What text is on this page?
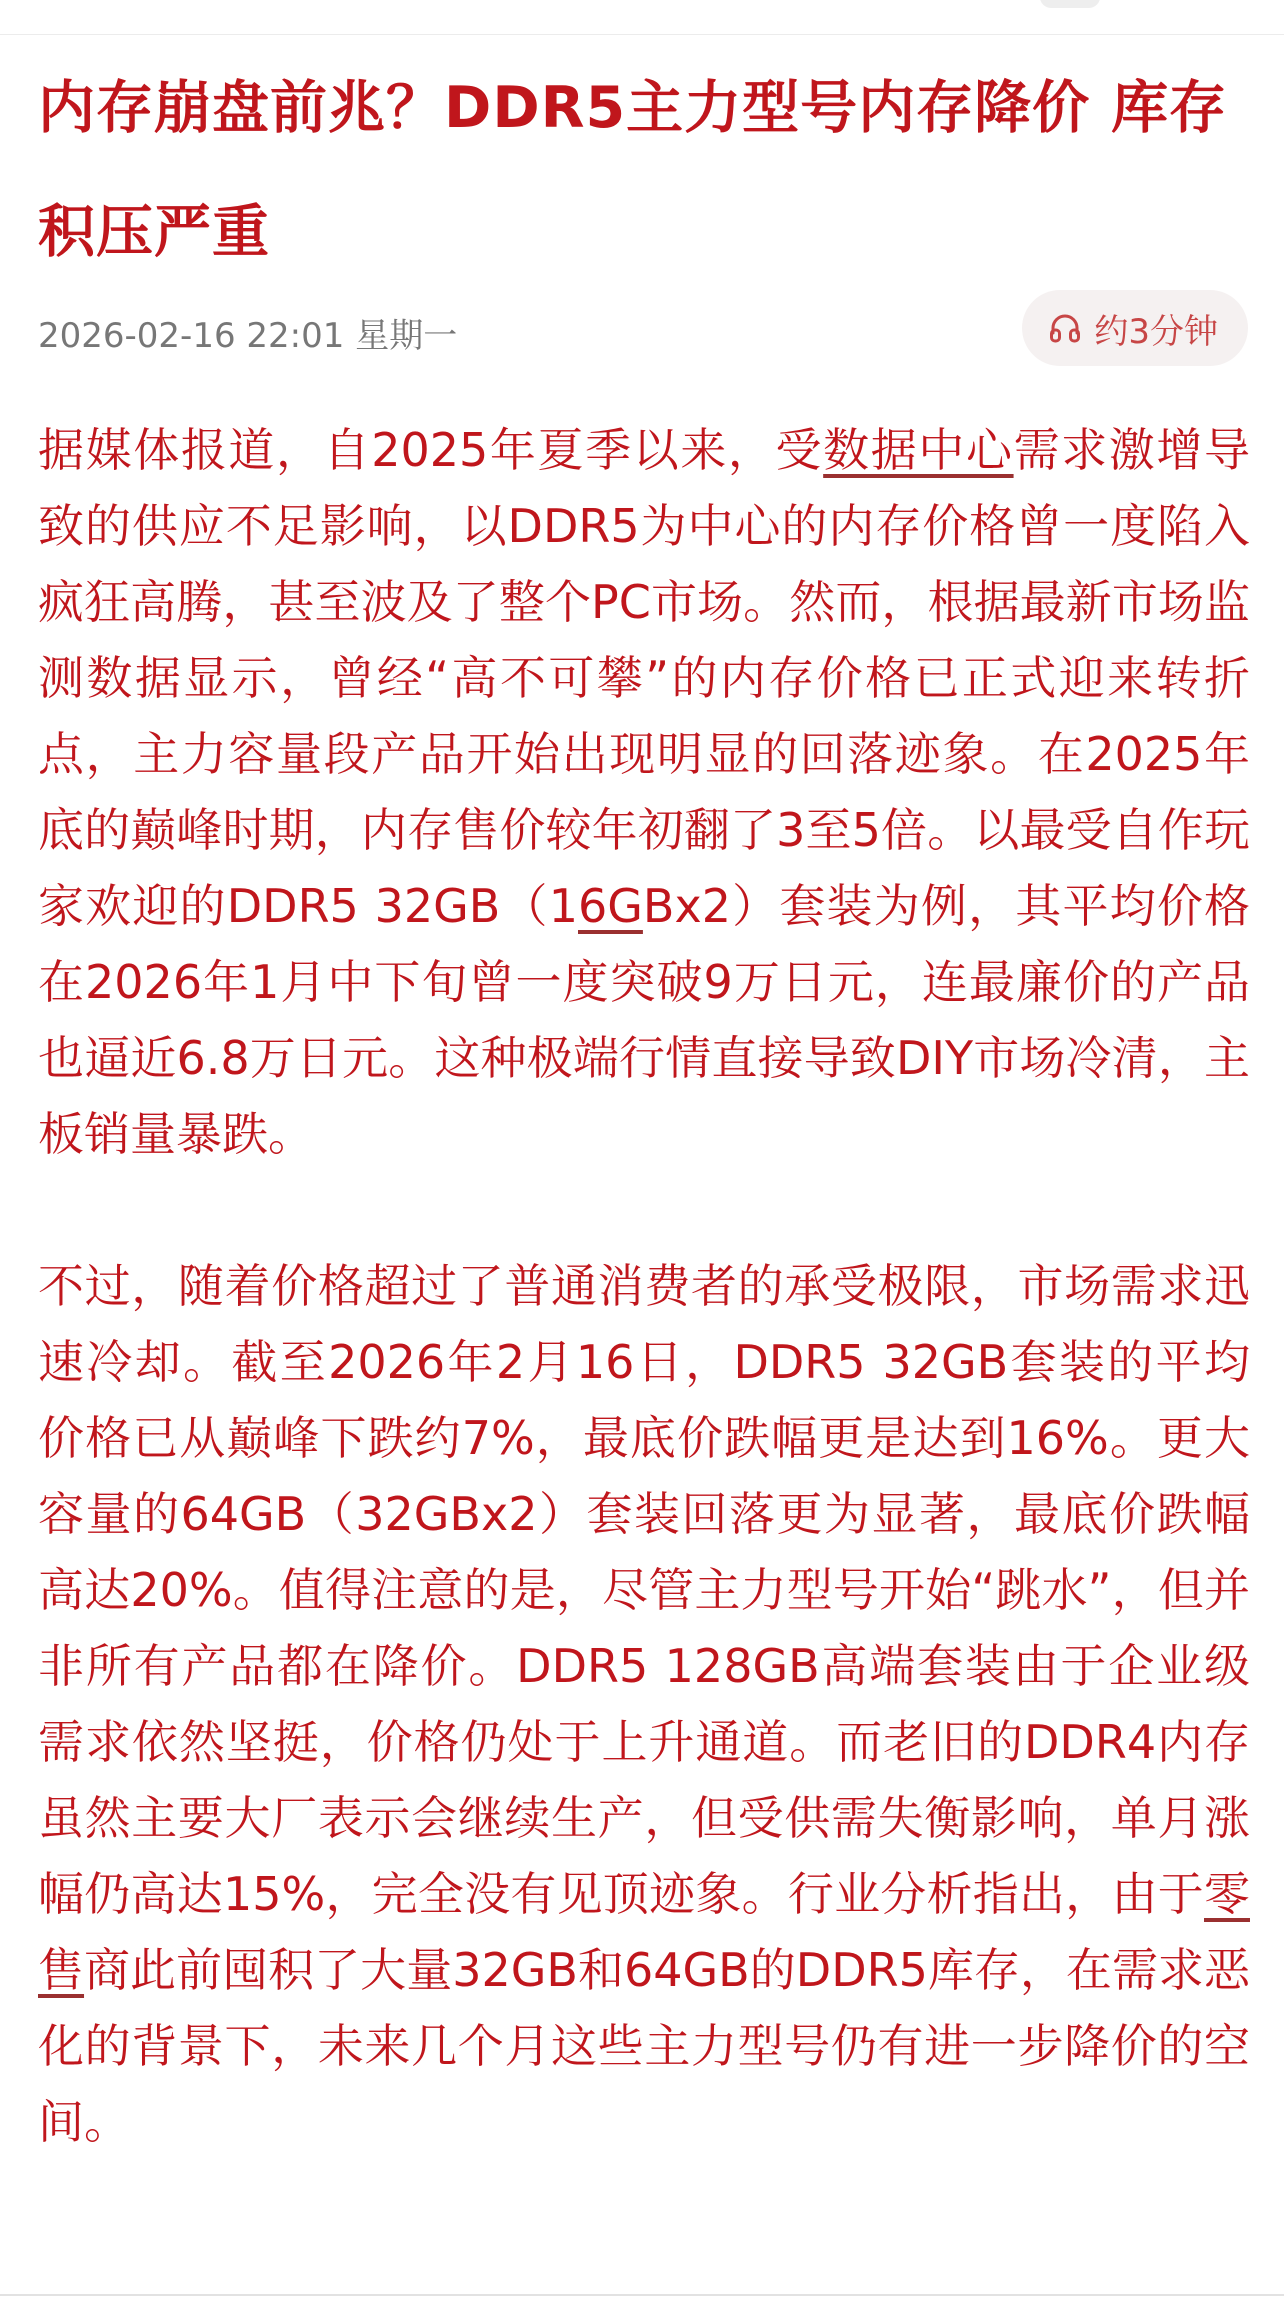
内存崩盘前兆？DDR5主力型号内存降价 库存积压严重
2026-02-16 22:01 星期一	约3分钟

据媒体报道，自2025年夏季以来，受数据中心需求激增导致的供应不足影响，以DDR5为中心的内存价格曾一度陷入疯狂高腾，甚至波及了整个PC市场。然而，根据最新市场监测数据显示，曾经“高不可攀”的内存价格已正式迎来转折点，主力容量段产品开始出现明显的回落迹象。在2025年底的巅峰时期，内存售价较年初翻了3至5倍。以最受自作玩家欢迎的DDR5 32GB（16GBx2）套装为例，其平均价格在2026年1月中下旬曾一度突破9万日元，连最廉价的产品也逼近6.8万日元。这种极端行情直接导致DIY市场冷清，主板销量暴跌。

不过，随着价格超过了普通消费者的承受极限，市场需求迅速冷却。截至2026年2月16日，DDR5 32GB套装的平均价格已从巅峰下跌约7%，最底价跌幅更是达到16%。更大容量的64GB（32GBx2）套装回落更为显著，最底价跌幅高达20%。值得注意的是，尽管主力型号开始“跳水”，但并非所有产品都在降价。DDR5 128GB高端套装由于企业级需求依然坚挺，价格仍处于上升通道。而老旧的DDR4内存虽然主要大厂表示会继续生产，但受供需失衡影响，单月涨幅仍高达15%，完全没有见顶迹象。行业分析指出，由于零售商此前囤积了大量32GB和64GB的DDR5库存，在需求恶化的背景下，未来几个月这些主力型号仍有进一步降价的空间。
